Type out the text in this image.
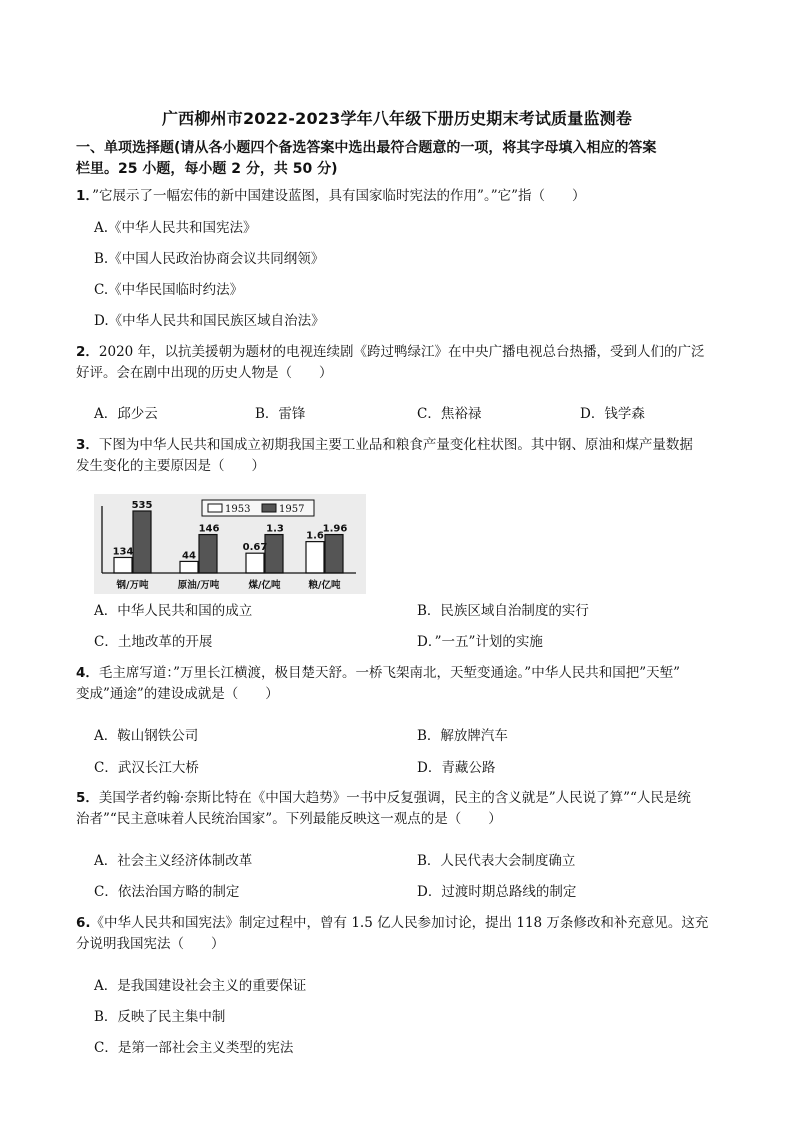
广西柳州市2022-2023学年八年级下册历史期末考试质量监测卷
一、单项选择题(请从各小题四个备选答案中选出最符合题意的一项，将其字母填入相应的答案
栏里。25 小题，每小题 2 分，共 50 分)
1．”它展示了一幅宏伟的新中国建设蓝图，具有国家临时宪法的作用”。”它”指（　　）
A.《中华人民共和国宪法》
B.《中国人民政治协商会议共同纲领》
C.《中华民国临时约法》
D.《中华人民共和国民族区域自治法》
2．2020 年，以抗美援朝为题材的电视连续剧《跨过鸭绿江》在中央广播电视总台热播，受到人们的广泛
好评。会在剧中出现的历史人物是（　　）
A．邱少云	B．雷锋	C．焦裕禄	D．钱学森
3．下图为中华人民共和国成立初期我国主要工业品和粮食产量变化柱状图。其中钢、原油和煤产量数据
发生变化的主要原因是（　　）
134
535
钢/万吨
44
146
原油/万吨
0.67
1.3
煤/亿吨
1.6
1.96
粮/亿吨
1953	1957
A．中华人民共和国的成立	B．民族区域自治制度的实行
C．土地改革的开展	D．”一五”计划的实施
4．毛主席写道：”万里长江横渡，极目楚天舒。一桥飞架南北，天堑变通途。”中华人民共和国把”天堑”
变成”通途”的建设成就是（　　）
A．鞍山钢铁公司	B．解放牌汽车
C．武汉长江大桥	D．青藏公路
5．美国学者约翰·奈斯比特在《中国大趋势》一书中反复强调，民主的含义就是”人民说了算”“人民是统
治者”“民主意味着人民统治国家”。下列最能反映这一观点的是（　　）
A．社会主义经济体制改革	B．人民代表大会制度确立
C．依法治国方略的制定	D．过渡时期总路线的制定
6.《中华人民共和国宪法》制定过程中，曾有 1.5 亿人民参加讨论，提出 118 万条修改和补充意见。这充
分说明我国宪法（　　）
A．是我国建设社会主义的重要保证
B．反映了民主集中制
C．是第一部社会主义类型的宪法
